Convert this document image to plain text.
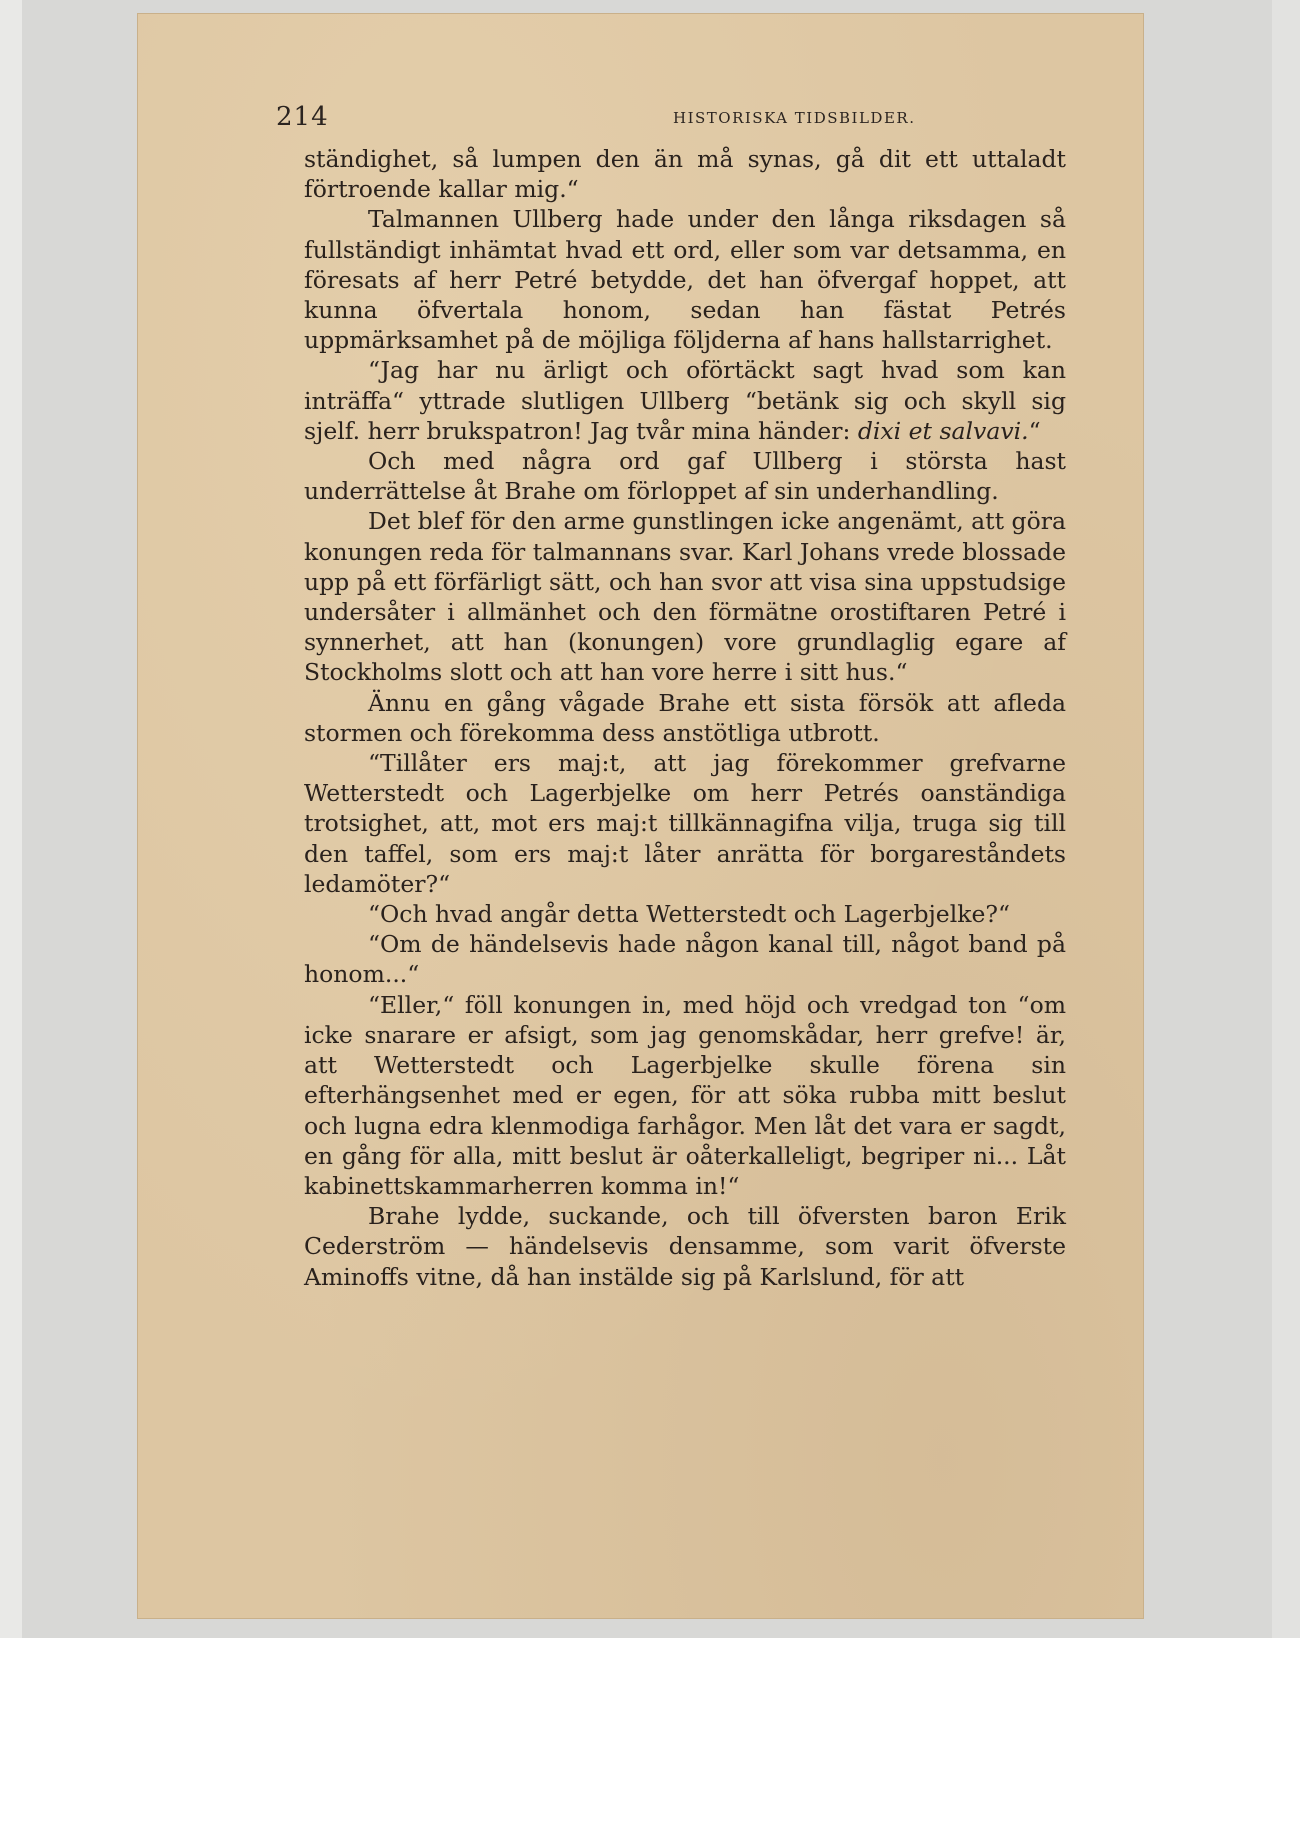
214	HISTORISKA TIDSBILDER.

ständighet, så lumpen den än må synas, gå dit ett uttaladt förtroende kallar mig.“

Talmannen Ullberg hade under den långa riksdagen så fullständigt inhämtat hvad ett ord, eller som var detsamma, en föresats af herr Petré betydde, det han öfvergaf hoppet, att kunna öfvertala honom, sedan han fästat Petrés uppmärksamhet på de möjliga följderna af hans hallstarrighet.

“Jag har nu ärligt och oförtäckt sagt hvad som kan inträffa“ yttrade slutligen Ullberg “betänk sig och skyll sig sjelf. herr brukspatron! Jag tvår mina händer: dixi et salvavi.“

Och med några ord gaf Ullberg i största hast underrättelse åt Brahe om förloppet af sin underhandling.

Det blef för den arme gunstlingen icke angenämt, att göra konungen reda för talmannans svar. Karl Johans vrede blossade upp på ett förfärligt sätt, och han svor att visa sina uppstudsige undersåter i allmänhet och den förmätne orostiftaren Petré i synnerhet, att han (konungen) vore grundlaglig egare af Stockholms slott och att han vore herre i sitt hus.“

Ännu en gång vågade Brahe ett sista försök att afleda stormen och förekomma dess anstötliga utbrott.

“Tillåter ers maj:t, att jag förekommer grefvarne Wetterstedt och Lagerbjelke om herr Petrés oanständiga trotsighet, att, mot ers maj:t tillkännagifna vilja, truga sig till den taffel, som ers maj:t låter anrätta för borgareståndets ledamöter?“

“Och hvad angår detta Wetterstedt och Lagerbjelke?“

“Om de händelsevis hade någon kanal till, något band på honom...“

“Eller,“ föll konungen in, med höjd och vredgad ton “om icke snarare er afsigt, som jag genomskådar, herr grefve! är, att Wetterstedt och Lagerbjelke skulle förena sin efterhängsenhet med er egen, för att söka rubba mitt beslut och lugna edra klenmodiga farhågor. Men låt det vara er sagdt, en gång för alla, mitt beslut är oåterkalleligt, begriper ni... Låt kabinettskammarherren komma in!“

Brahe lydde, suckande, och till öfversten baron Erik Cederström — händelsevis densamme, som varit öfverste Aminoffs vitne, då han instälde sig på Karlslund, för att
